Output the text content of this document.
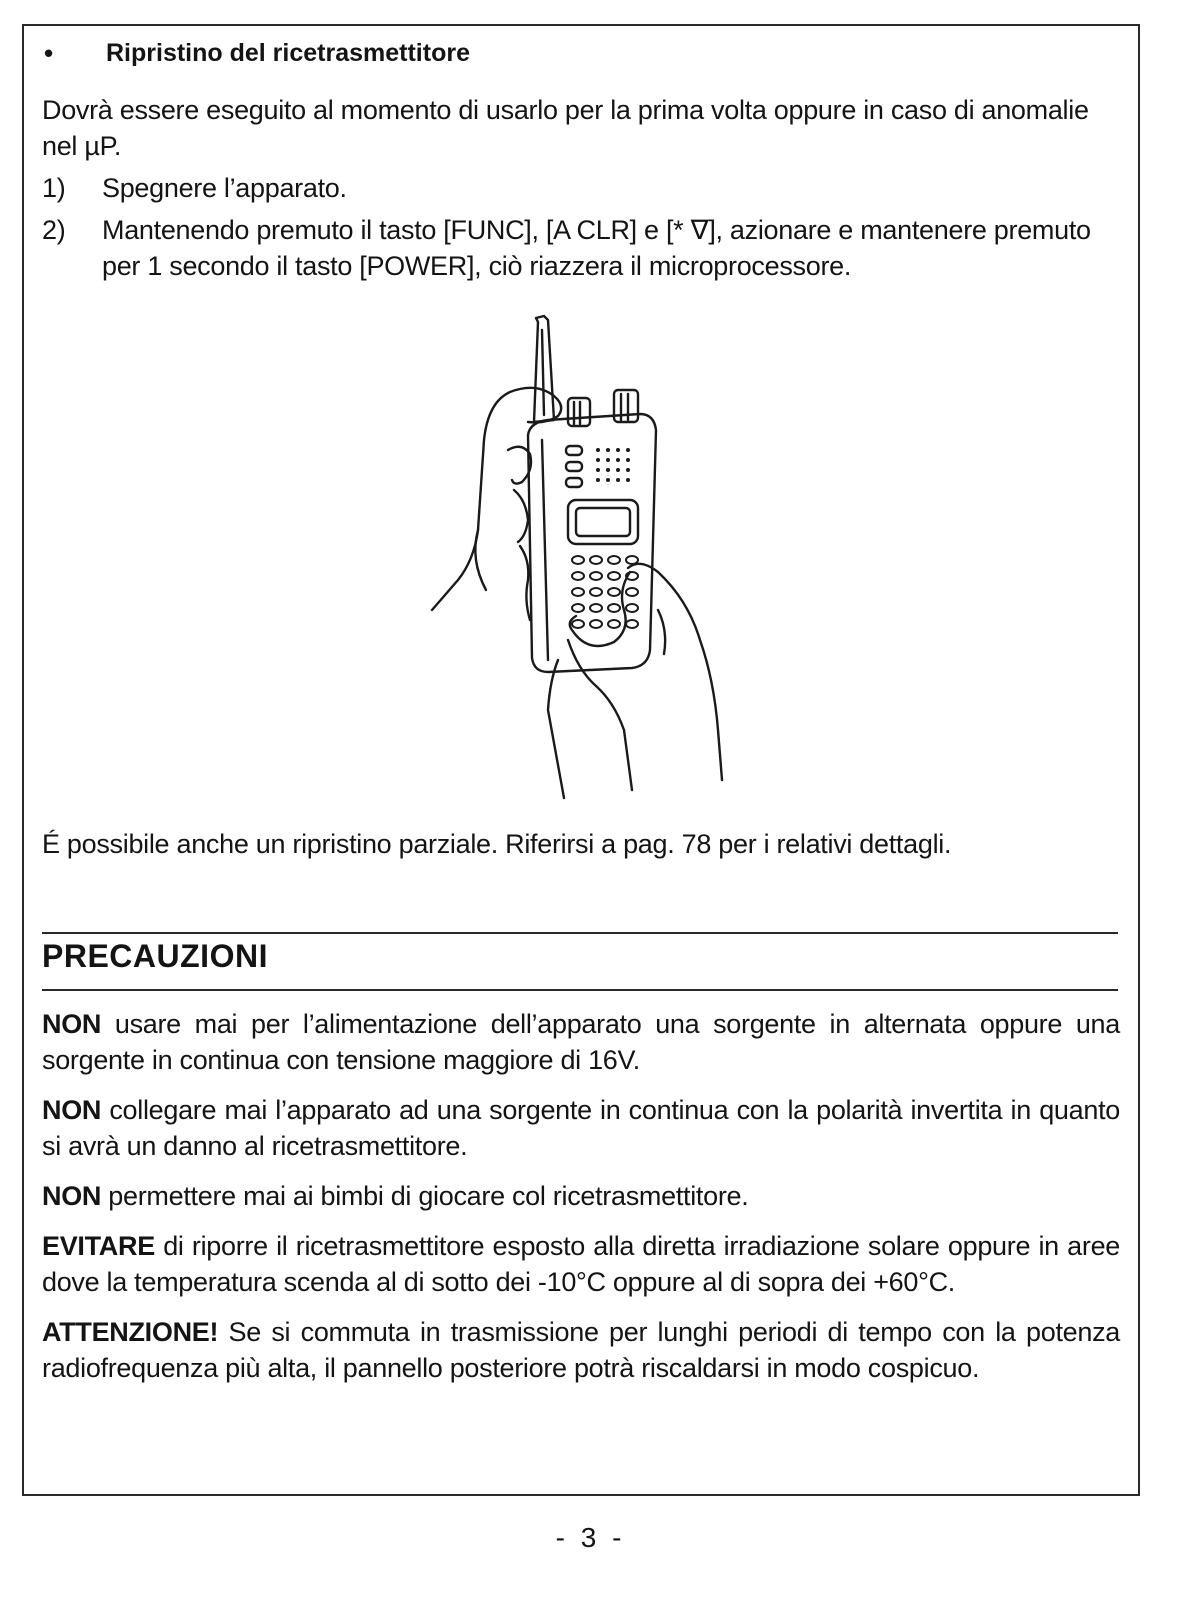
•	Ripristino del ricetrasmettitore
Dovrà essere eseguito al momento di usarlo per la prima volta oppure in caso di anomalie nel µP.
1)	Spegnere l’apparato.
2)	Mantenendo premuto il tasto [FUNC], [A CLR] e [* ∇], azionare e mantenere premuto per 1 secondo il tasto [POWER], ciò riazzera il microprocessore.
É possibile anche un ripristino parziale. Riferirsi a pag. 78 per i relativi dettagli.
PRECAUZIONI

NON usare mai per l’alimentazione dell’apparato una sorgente in alternata oppure una sorgente in continua con tensione maggiore di 16V.

NON collegare mai l’apparato ad una sorgente in continua con la polarità invertita in quanto si avrà un danno al ricetrasmettitore.

NON permettere mai ai bimbi di giocare col ricetrasmettitore.

EVITARE di riporre il ricetrasmettitore esposto alla diretta irradiazione solare oppure in aree dove la temperatura scenda al di sotto dei -10°C oppure al di sopra dei +60°C.

ATTENZIONE! Se si commuta in trasmissione per lunghi periodi di tempo con la potenza radiofrequenza più alta, il pannello posteriore potrà riscaldarsi in modo cospicuo.

- 3 -
